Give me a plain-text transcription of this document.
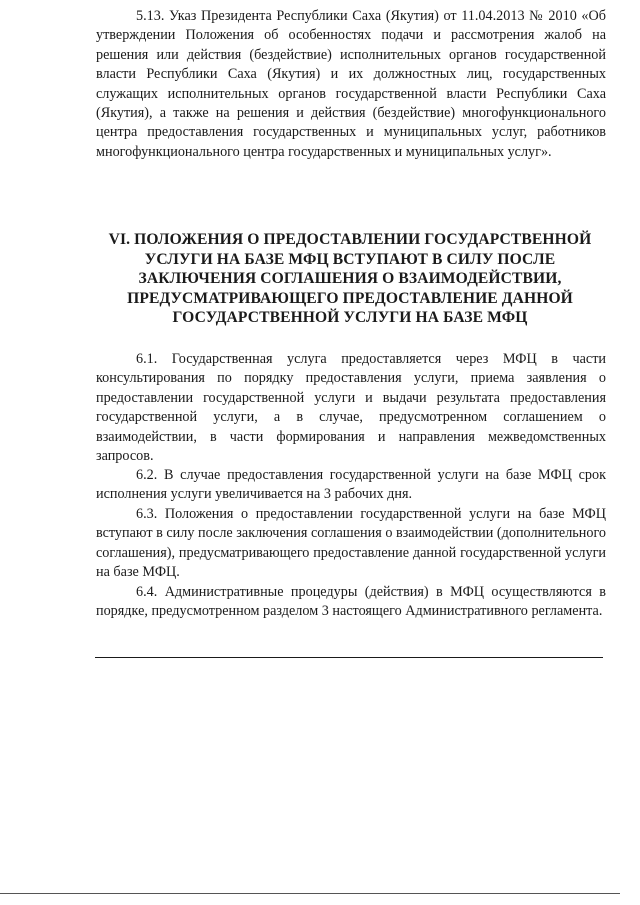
5.13. Указ Президента Республики Саха (Якутия) от 11.04.2013 № 2010 «Об утверждении Положения об особенностях подачи и рассмотрения жалоб на решения или действия (бездействие) исполнительных органов государственной власти Республики Саха (Якутия) и их должностных лиц, государственных служащих исполнительных органов государственной власти Республики Саха (Якутия), а также на решения и действия (бездействие) многофункционального центра предоставления государственных и муниципальных услуг, работников многофункционального центра государственных и муниципальных услуг».

VI. ПОЛОЖЕНИЯ О ПРЕДОСТАВЛЕНИИ ГОСУДАРСТВЕННОЙ УСЛУГИ НА БАЗЕ МФЦ ВСТУПАЮТ В СИЛУ ПОСЛЕ ЗАКЛЮЧЕНИЯ СОГЛАШЕНИЯ О ВЗАИМОДЕЙСТВИИ, ПРЕДУСМАТРИВАЮЩЕГО ПРЕДОСТАВЛЕНИЕ ДАННОЙ ГОСУДАРСТВЕННОЙ УСЛУГИ НА БАЗЕ МФЦ

6.1. Государственная услуга предоставляется через МФЦ в части консультирования по порядку предоставления услуги, приема заявления о предоставлении государственной услуги и выдачи результата предоставления государственной услуги, а в случае, предусмотренном соглашением о взаимодействии, в части формирования и направления межведомственных запросов.

6.2. В случае предоставления государственной услуги на базе МФЦ срок исполнения услуги увеличивается на 3 рабочих дня.

6.3. Положения о предоставлении государственной услуги на базе МФЦ вступают в силу после заключения соглашения о взаимодействии (дополнительного соглашения), предусматривающего предоставление данной государственной услуги на базе МФЦ.

6.4. Административные процедуры (действия) в МФЦ осуществляются в порядке, предусмотренном разделом 3 настоящего Административного регламента.
